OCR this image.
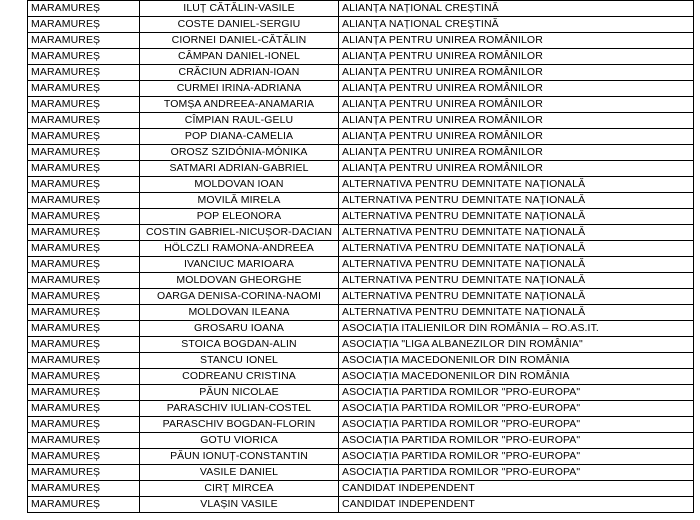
MARAMUREȘ	ILUȚ CĂTĂLIN-VASILE	ALIANȚA NAȚIONAL CREȘTINĂ
MARAMUREȘ	COSTE DANIEL-SERGIU	ALIANȚA NAȚIONAL CREȘTINĂ
MARAMUREȘ	CIORNEI DANIEL-CĂTĂLIN	ALIANȚA PENTRU UNIREA ROMÂNILOR
MARAMUREȘ	CÂMPAN DANIEL-IONEL	ALIANȚA PENTRU UNIREA ROMÂNILOR
MARAMUREȘ	CRĂCIUN ADRIAN-IOAN	ALIANȚA PENTRU UNIREA ROMÂNILOR
MARAMUREȘ	CURMEI IRINA-ADRIANA	ALIANȚA PENTRU UNIREA ROMÂNILOR
MARAMUREȘ	TOMȘA ANDREEA-ANAMARIA	ALIANȚA PENTRU UNIREA ROMÂNILOR
MARAMUREȘ	CÎMPIAN RAUL-GELU	ALIANȚA PENTRU UNIREA ROMÂNILOR
MARAMUREȘ	POP DIANA-CAMELIA	ALIANȚA PENTRU UNIREA ROMÂNILOR
MARAMUREȘ	OROSZ SZIDÓNIA-MÓNIKA	ALIANȚA PENTRU UNIREA ROMÂNILOR
MARAMUREȘ	SATMARI ADRIAN-GABRIEL	ALIANȚA PENTRU UNIREA ROMÂNILOR
MARAMUREȘ	MOLDOVAN IOAN	ALTERNATIVA PENTRU DEMNITATE NAȚIONALĂ
MARAMUREȘ	MOVILĂ MIRELA	ALTERNATIVA PENTRU DEMNITATE NAȚIONALĂ
MARAMUREȘ	POP ELEONORA	ALTERNATIVA PENTRU DEMNITATE NAȚIONALĂ
MARAMUREȘ	COSTIN GABRIEL-NICUȘOR-DACIAN	ALTERNATIVA PENTRU DEMNITATE NAȚIONALĂ
MARAMUREȘ	HÖLCZLI RAMONA-ANDREEA	ALTERNATIVA PENTRU DEMNITATE NAȚIONALĂ
MARAMUREȘ	IVANCIUC MARIOARA	ALTERNATIVA PENTRU DEMNITATE NAȚIONALĂ
MARAMUREȘ	MOLDOVAN GHEORGHE	ALTERNATIVA PENTRU DEMNITATE NAȚIONALĂ
MARAMUREȘ	OARGA DENISA-CORINA-NAOMI	ALTERNATIVA PENTRU DEMNITATE NAȚIONALĂ
MARAMUREȘ	MOLDOVAN ILEANA	ALTERNATIVA PENTRU DEMNITATE NAȚIONALĂ
MARAMUREȘ	GROSARU IOANA	ASOCIAȚIA ITALIENILOR DIN ROMÂNIA – RO.AS.IT.
MARAMUREȘ	STOICA BOGDAN-ALIN	ASOCIAȚIA "LIGA ALBANEZILOR DIN ROMÂNIA"
MARAMUREȘ	STANCU IONEL	ASOCIAȚIA MACEDONENILOR DIN ROMÂNIA
MARAMUREȘ	CODREANU CRISTINA	ASOCIAȚIA MACEDONENILOR DIN ROMÂNIA
MARAMUREȘ	PĂUN NICOLAE	ASOCIAȚIA PARTIDA ROMILOR "PRO-EUROPA"
MARAMUREȘ	PARASCHIV IULIAN-COSTEL	ASOCIAȚIA PARTIDA ROMILOR "PRO-EUROPA"
MARAMUREȘ	PARASCHIV BOGDAN-FLORIN	ASOCIAȚIA PARTIDA ROMILOR "PRO-EUROPA"
MARAMUREȘ	GOTU VIORICA	ASOCIAȚIA PARTIDA ROMILOR "PRO-EUROPA"
MARAMUREȘ	PĂUN IONUȚ-CONSTANTIN	ASOCIAȚIA PARTIDA ROMILOR "PRO-EUROPA"
MARAMUREȘ	VASILE DANIEL	ASOCIAȚIA PARTIDA ROMILOR "PRO-EUROPA"
MARAMUREȘ	CIRȚ MIRCEA	CANDIDAT INDEPENDENT
MARAMUREȘ	VLAȘIN VASILE	CANDIDAT INDEPENDENT
